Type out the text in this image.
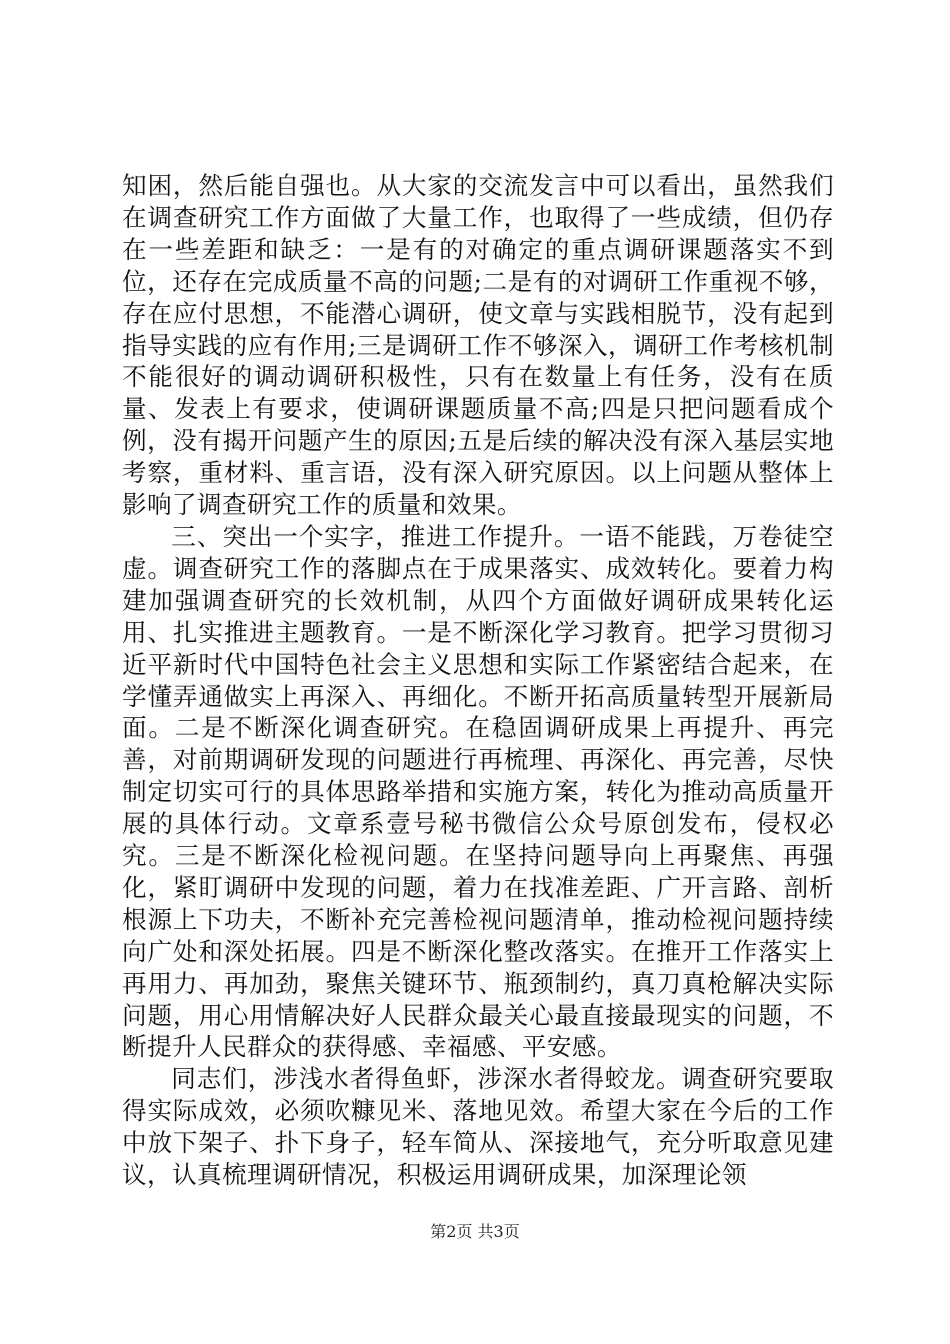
知困，然后能自强也。从大家的交流发言中可以看出，虽然我们在调查研究工作方面做了大量工作，也取得了一些成绩，但仍存在一些差距和缺乏：一是有的对确定的重点调研课题落实不到位，还存在完成质量不高的问题;二是有的对调研工作重视不够，存在应付思想，不能潜心调研，使文章与实践相脱节，没有起到指导实践的应有作用;三是调研工作不够深入，调研工作考核机制不能很好的调动调研积极性，只有在数量上有任务，没有在质量、发表上有要求，使调研课题质量不高;四是只把问题看成个例，没有揭开问题产生的原因;五是后续的解决没有深入基层实地考察，重材料、重言语，没有深入研究原因。以上问题从整体上影响了调查研究工作的质量和效果。

三、突出一个实字，推进工作提升。一语不能践，万卷徒空虚。调查研究工作的落脚点在于成果落实、成效转化。要着力构建加强调查研究的长效机制，从四个方面做好调研成果转化运用、扎实推进主题教育。一是不断深化学习教育。把学习贯彻习近平新时代中国特色社会主义思想和实际工作紧密结合起来，在学懂弄通做实上再深入、再细化。不断开拓高质量转型开展新局面。二是不断深化调查研究。在稳固调研成果上再提升、再完善，对前期调研发现的问题进行再梳理、再深化、再完善，尽快制定切实可行的具体思路举措和实施方案，转化为推动高质量开展的具体行动。文章系壹号秘书微信公众号原创发布，侵权必究。三是不断深化检视问题。在坚持问题导向上再聚焦、再强化，紧盯调研中发现的问题，着力在找准差距、广开言路、剖析根源上下功夫，不断补充完善检视问题清单，推动检视问题持续向广处和深处拓展。四是不断深化整改落实。在推开工作落实上再用力、再加劲，聚焦关键环节、瓶颈制约，真刀真枪解决实际问题，用心用情解决好人民群众最关心最直接最现实的问题，不断提升人民群众的获得感、幸福感、平安感。

同志们，涉浅水者得鱼虾，涉深水者得蛟龙。调查研究要取得实际成效，必须吹糠见米、落地见效。希望大家在今后的工作中放下架子、扑下身子，轻车简从、深接地气，充分听取意见建议，认真梳理调研情况，积极运用调研成果，加深理论领

第2页 共3页
